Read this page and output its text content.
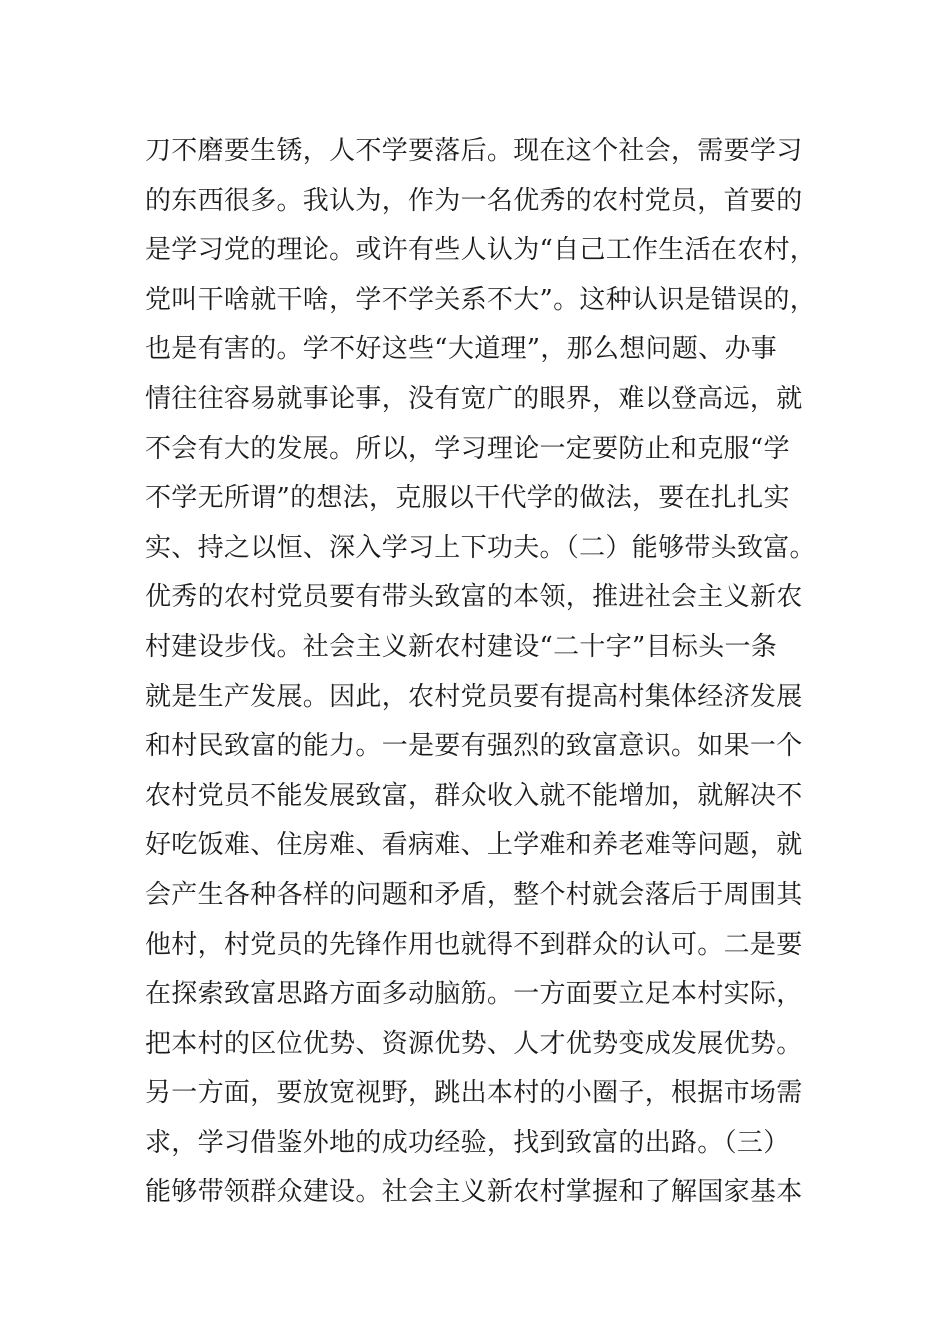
刀不磨要生锈，人不学要落后。现在这个社会，需要学习
的东西很多。我认为，作为一名优秀的农村党员，首要的
是学习党的理论。或许有些人认为“自己工作生活在农村，
党叫干啥就干啥，学不学关系不大”。这种认识是错误的，
也是有害的。学不好这些“大道理”，那么想问题、办事
情往往容易就事论事，没有宽广的眼界，难以登高远，就
不会有大的发展。所以，学习理论一定要防止和克服“学
不学无所谓”的想法，克服以干代学的做法，要在扎扎实
实、持之以恒、深入学习上下功夫。（二）能够带头致富。
优秀的农村党员要有带头致富的本领，推进社会主义新农
村建设步伐。社会主义新农村建设“二十字”目标头一条
就是生产发展。因此，农村党员要有提高村集体经济发展
和村民致富的能力。一是要有强烈的致富意识。如果一个
农村党员不能发展致富，群众收入就不能增加，就解决不
好吃饭难、住房难、看病难、上学难和养老难等问题，就
会产生各种各样的问题和矛盾，整个村就会落后于周围其
他村，村党员的先锋作用也就得不到群众的认可。二是要
在探索致富思路方面多动脑筋。一方面要立足本村实际，
把本村的区位优势、资源优势、人才优势变成发展优势。
另一方面，要放宽视野，跳出本村的小圈子，根据市场需
求，学习借鉴外地的成功经验，找到致富的出路。（三）
能够带领群众建设。社会主义新农村掌握和了解国家基本
